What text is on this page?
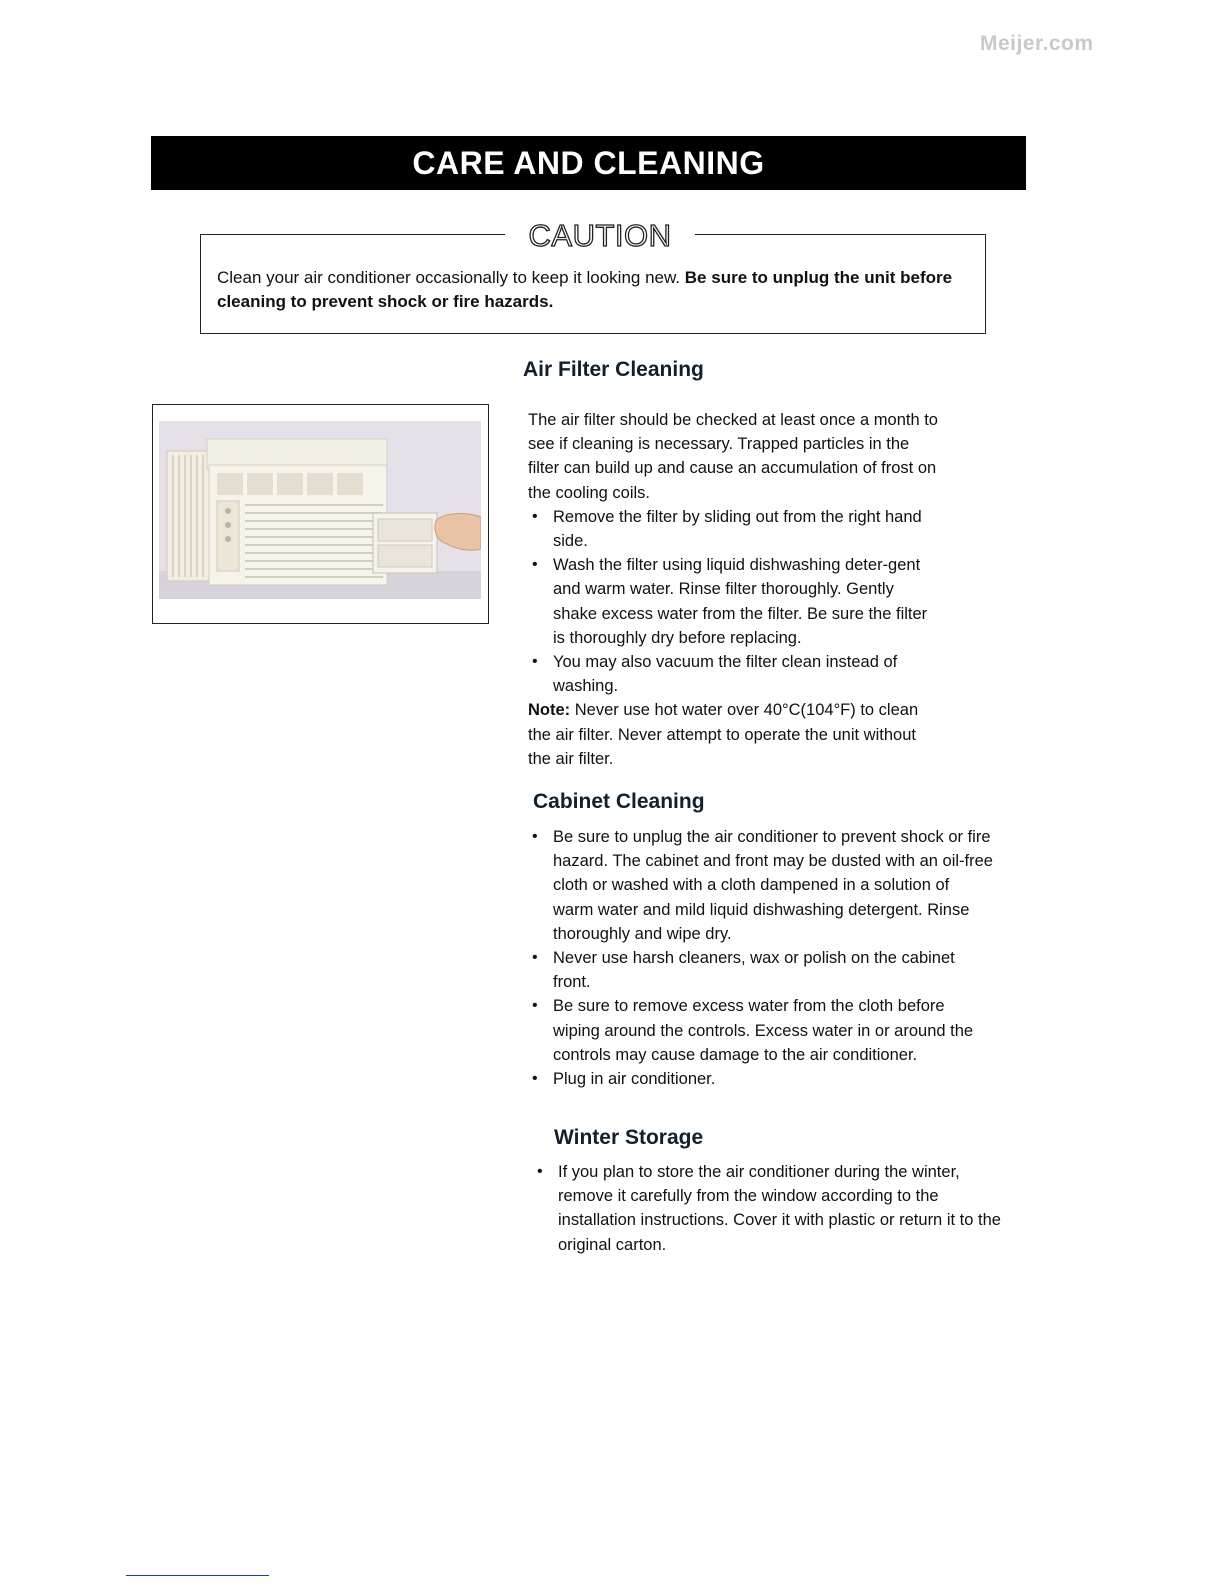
Meijer.com
CARE AND CLEANING
CAUTION
Clean your air conditioner occasionally to keep it looking new. Be sure to unplug the unit before cleaning to prevent shock or fire hazards.
Air Filter Cleaning
The air filter should be checked at least once a month to see if cleaning is necessary. Trapped particles in the filter can build up and cause an accumulation of frost on the cooling coils.
• Remove the filter by sliding out from the right hand side.
• Wash the filter using liquid dishwashing deter-gent and warm water. Rinse filter thoroughly. Gently shake excess water from the filter. Be sure the filter is thoroughly dry before replacing.
• You may also vacuum the filter clean instead of washing.
Note: Never use hot water over 40°C(104°F) to clean the air filter. Never attempt to operate the unit without the air filter.
Cabinet Cleaning
• Be sure to unplug the air conditioner to prevent shock or fire hazard. The cabinet and front may be dusted with an oil-free cloth or washed with a cloth dampened in a solution of warm water and mild liquid dishwashing detergent. Rinse thoroughly and wipe dry.
• Never use harsh cleaners, wax or polish on the cabinet front.
• Be sure to remove excess water from the cloth before wiping around the controls. Excess water in or around the controls may cause damage to the air conditioner.
• Plug in air conditioner.
Winter Storage
• If you plan to store the air conditioner during the winter, remove it carefully from the window according to the installation instructions. Cover it with plastic or return it to the original carton.
